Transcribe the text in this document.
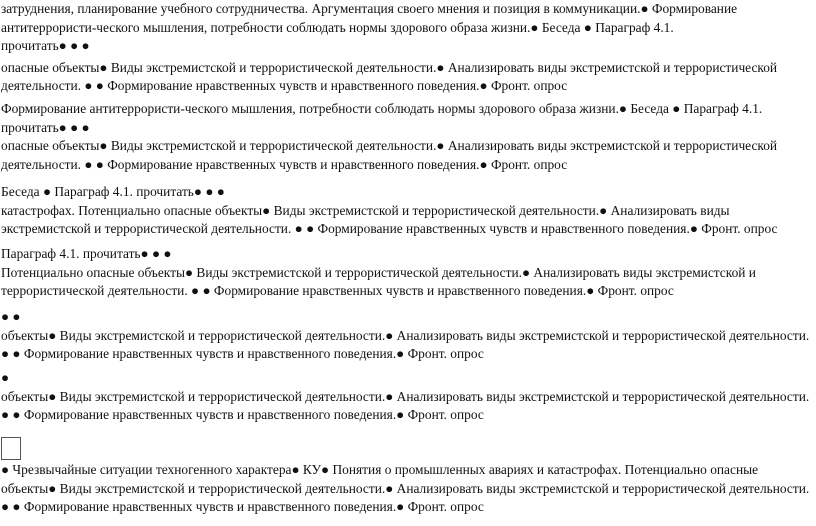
затруднения, планирование учебного сотрудничества. Аргументация своего мнения и позиция в коммуникации.● Формирование
антитеррористи-ческого мышления, потребности соблюдать нормы здорового образа жизни.● Беседа ● Параграф 4.1.
прочитать● ● ●
опасные объекты● Виды экстремистской и террористической деятельности.● Анализировать виды экстремистской и террористической
деятельности. ● ● Формирование нравственных чувств и нравственного поведения.● Фронт. опрос
Формирование антитеррористи-ческого мышления, потребности соблюдать нормы здорового образа жизни.● Беседа ● Параграф 4.1.
прочитать● ● ●
опасные объекты● Виды экстремистской и террористической деятельности.● Анализировать виды экстремистской и террористической
деятельности. ● ● Формирование нравственных чувств и нравственного поведения.● Фронт. опрос
Беседа ● Параграф 4.1. прочитать● ● ●
катастрофах. Потенциально опасные объекты● Виды экстремистской и террористической деятельности.● Анализировать виды
экстремистской и террористической деятельности. ● ● Формирование нравственных чувств и нравственного поведения.● Фронт. опрос
Параграф 4.1. прочитать● ● ●
Потенциально опасные объекты● Виды экстремистской и террористической деятельности.● Анализировать виды экстремистской и
террористической деятельности. ● ● Формирование нравственных чувств и нравственного поведения.● Фронт. опрос
● ●
объекты● Виды экстремистской и террористической деятельности.● Анализировать виды экстремистской и террористической деятельности.
● ● Формирование нравственных чувств и нравственного поведения.● Фронт. опрос
●
объекты● Виды экстремистской и террористической деятельности.● Анализировать виды экстремистской и террористической деятельности.
● ● Формирование нравственных чувств и нравственного поведения.● Фронт. опрос
● Чрезвычайные ситуации техногенного характера● КУ● Понятия о промышленных авариях и катастрофах. Потенциально опасные
объекты● Виды экстремистской и террористической деятельности.● Анализировать виды экстремистской и террористической деятельности.
● ● Формирование нравственных чувств и нравственного поведения.● Фронт. опрос
